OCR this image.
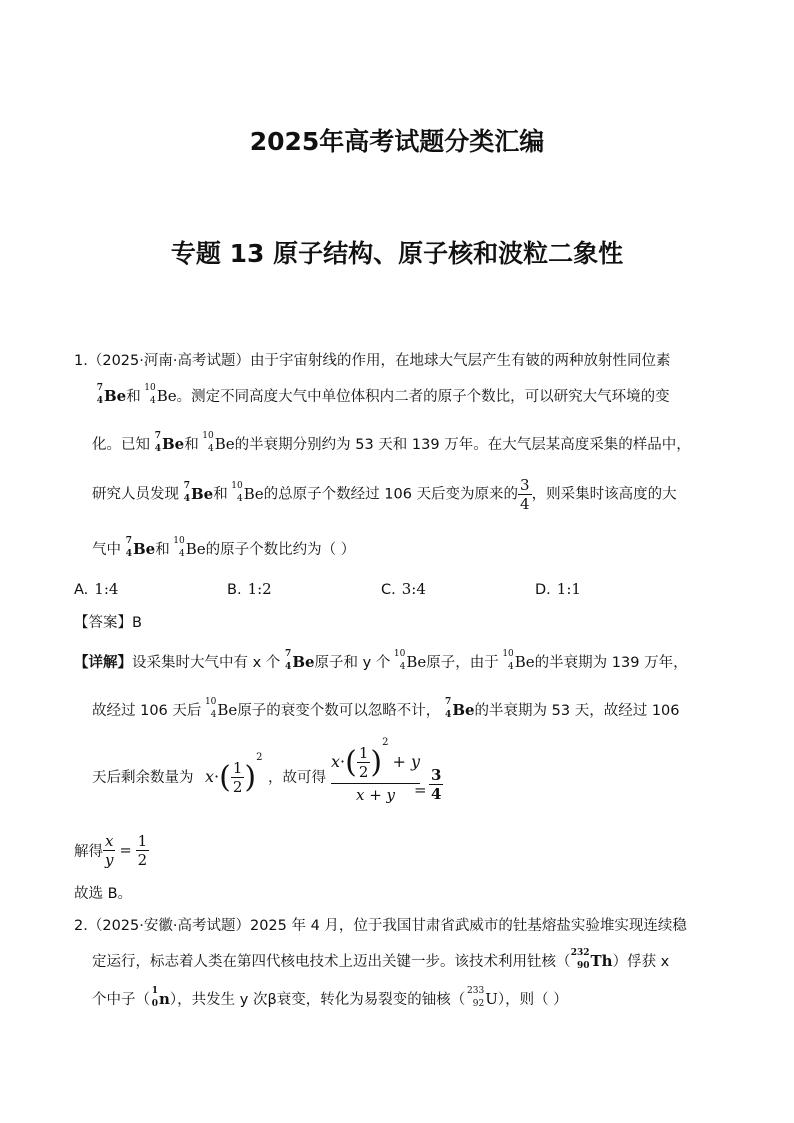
2025年高考试题分类汇编
专题 13 原子结构、原子核和波粒二象性
1.（2025·河南·高考试题）由于宇宙射线的作用，在地球大气层产生有铍的两种放射性同位素
7
4 Be和
10
4 Be。测定不同高度大气中单位体积内二者的原子个数比，可以研究大气环境的变
化。已知
7
4 Be和
10
4 Be的半衰期分别约为 53 天和 139 万年。在大气层某高度采集的样品中，
研究人员发现
7
4 Be和
10
4 Be的总原子个数经过 106 天后变为原来的 $\frac{3}{4}$ ，则采集时该高度的大
气中
7
4 Be和
10
4 Be的原子个数比约为（ ）
A. 1:4	B. 1:2	C. 3:4	D. 1:1
【答案】B
【详解】设采集时大气中有 x 个
7
4 Be原子和 y 个
10
4 Be原子，由于
10
4 Be的半衰期为 139 万年，
故经过 106 天后
10
4 Be原子的衰变个数可以忽略不计，
7
4 Be的半衰期为 53 天，故经过 106
天后剩余数量为 $x\cdot( \frac{1}{2} )^2$
，故可得 $\frac{x\cdot( \frac{1}{2} )^2+ y}{x + y}$
= $\frac{3}{4}$
解得 $\frac{x}{y} = \frac{1}{2}$
故选 B。
2.（2025·安徽·高考试题）2025 年 4 月，位于我国甘肃省武威市的钍基熔盐实验堆实现连续稳
定运行，标志着人类在第四代核电技术上迈出关键一步。该技术利用钍核（
232
90 Th）俘获 x
个中子（
1
0 n），共发生 y 次β衰变，转化为易裂变的铀核（
233
92 U），则（ ）
